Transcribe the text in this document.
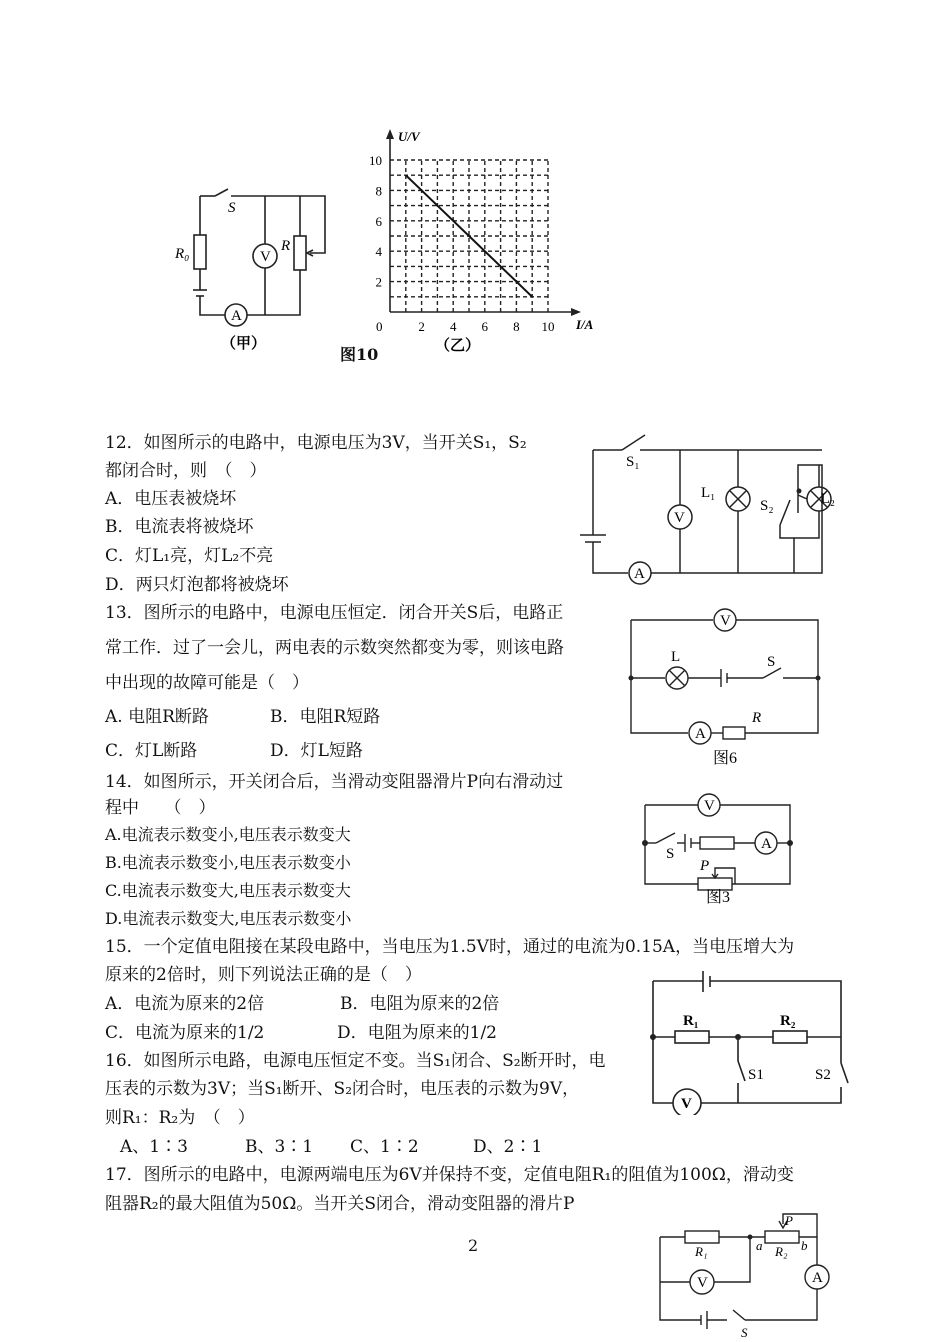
S
R₀	R
V
A
（甲）
图10
2
4
6
8
10
2 4 6 8 10
0
U/V
I/A
（乙）
12．如图所示的电路中，电源电压为3V，当开关S₁，S₂
都闭合时，则　（　）
A．电压表被烧坏
B．电流表将被烧坏
C．灯L₁亮，灯L₂不亮
D．两只灯泡都将被烧坏
S₁
L₁
S₂	L₂
V
A
13．图所示的电路中，电源电压恒定．闭合开关S后，电路正
常工作．过了一会儿，两电表的示数突然都变为零，则该电路
中出现的故障可能是（　）
A. 电阻R断路	B．电阻R短路
C．灯L断路	D．灯L短路
V
L	S
A
R
图6
14．如图所示，开关闭合后，当滑动变阻器滑片P向右滑动过
程中　　（　）
A.电流表示数变小,电压表示数变大
B.电流表示数变小,电压表示数变小
C.电流表示数变大,电压表示数变大
D.电流表示数变大,电压表示数变小
V
S
A
P
图3
15．一个定值电阻接在某段电路中，当电压为1.5V时，通过的电流为0.15A，当电压增大为
原来的2倍时，则下列说法正确的是（　）
A．电流为原来的2倍	B．电阻为原来的2倍
C．电流为原来的1/2	D．电阻为原来的1/2
R₁	R₂
S1	S2
V
16．如图所示电路，电源电压恒定不变。当S₁闭合、S₂断开时，电
压表的示数为3V；当S₁断开、S₂闭合时，电压表的示数为9V，
则R₁：R₂为　（　）
A、1∶3	B、3∶1 C、1∶2	D、2∶1
17．图所示的电路中，电源两端电压为6V并保持不变，定值电阻R₁的阻值为100Ω，滑动变
阻器R₂的最大阻值为50Ω。当开关S闭合，滑动变阻器的滑片P
R₁	R₂
P
a	b
V	A
S
2
